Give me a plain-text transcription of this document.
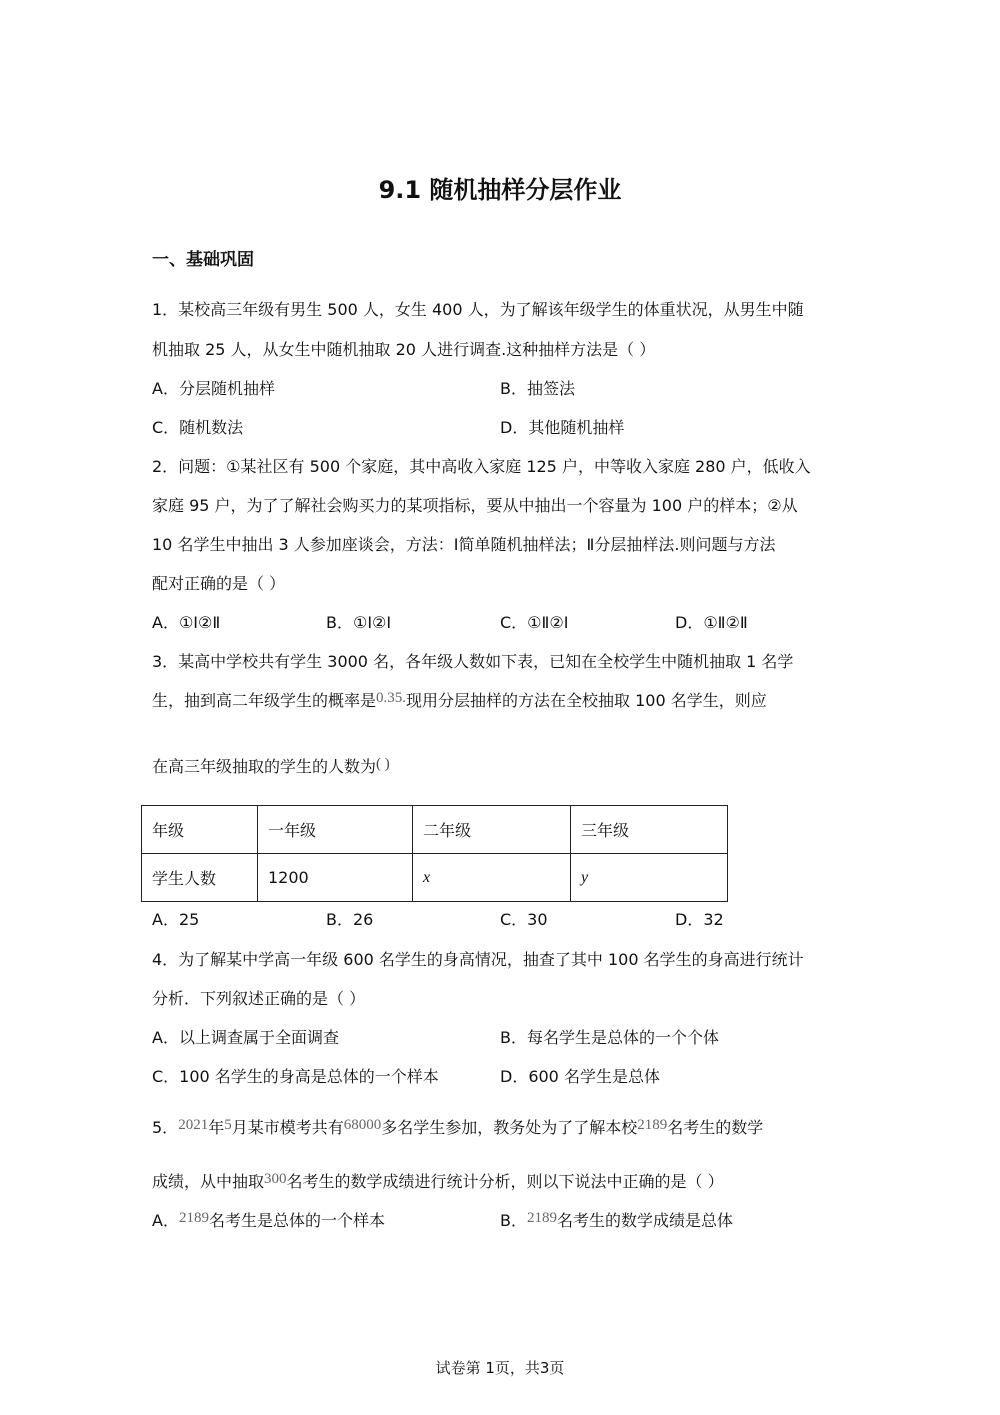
9.1 随机抽样分层作业
一、基础巩固
1．某校高三年级有男生 500 人，女生 400 人，为了解该年级学生的体重状况，从男生中随
机抽取 25 人，从女生中随机抽取 20 人进行调查.这种抽样方法是（ ）
A．分层随机抽样	B．抽签法
C．随机数法	D．其他随机抽样
2．问题：①某社区有 500 个家庭，其中高收入家庭 125 户，中等收入家庭 280 户，低收入
家庭 95 户，为了了解社会购买力的某项指标，要从中抽出一个容量为 100 户的样本；②从
10 名学生中抽出 3 人参加座谈会，方法：Ⅰ简单随机抽样法；Ⅱ分层抽样法.则问题与方法
配对正确的是（ ）
A．①Ⅰ②Ⅱ	B．①Ⅰ②Ⅰ	C．①Ⅱ②Ⅰ	D．①Ⅱ②Ⅱ
3．某高中学校共有学生 3000 名，各年级人数如下表，已知在全校学生中随机抽取 1 名学
生，抽到高二年级学生的概率是0.35.现用分层抽样的方法在全校抽取 100 名学生，则应
在高三年级抽取的学生的人数为( )
年级	一年级	二年级	三年级
学生人数	1200	x	y
A．25	B．26	C．30	D．32
4．为了解某中学高一年级 600 名学生的身高情况，抽查了其中 100 名学生的身高进行统计
分析．下列叙述正确的是（ ）
A．以上调查属于全面调查	B．每名学生是总体的一个个体
C．100 名学生的身高是总体的一个样本	D．600 名学生是总体
5．2021年5月某市模考共有68000多名学生参加，教务处为了了解本校2189名考生的数学
成绩，从中抽取300名考生的数学成绩进行统计分析，则以下说法中正确的是（ ）
A．2189名考生是总体的一个样本	B．2189名考生的数学成绩是总体
试卷第 1页，共3页
